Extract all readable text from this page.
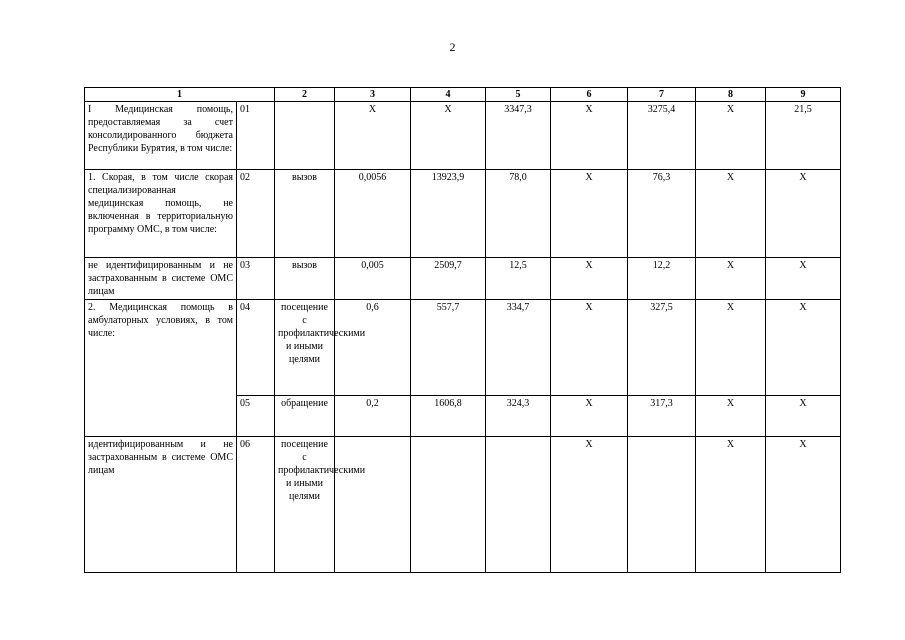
2
1		2	3	4	5	6	7	8	9
I Медицинская помощь, предоставляемая за счет консолидированного бюджета Республики Бурятия, в том числе:	01		Х	Х	3347,3	Х	3275,4	Х	21,5
1. Скорая, в том числе скорая специализированная медицинская помощь, не включенная в территориальную программу ОМС, в том числе:	02	вызов	0,0056	13923,9	78,0	Х	76,3	Х	Х
не идентифицированным и не застрахованным в системе ОМС лицам	03	вызов	0,005	2509,7	12,5	Х	12,2	Х	Х
2. Медицинская помощь в амбулаторных условиях, в том числе:	04	посещение с профилактическими и иными целями	0,6	557,7	334,7	Х	327,5	Х	Х
	05	обращение	0,2	1606,8	324,3	Х	317,3	Х	Х
идентифицированным и не застрахованным в системе ОМС лицам	06	посещение с профилактическими и иными целями				Х		Х	Х
